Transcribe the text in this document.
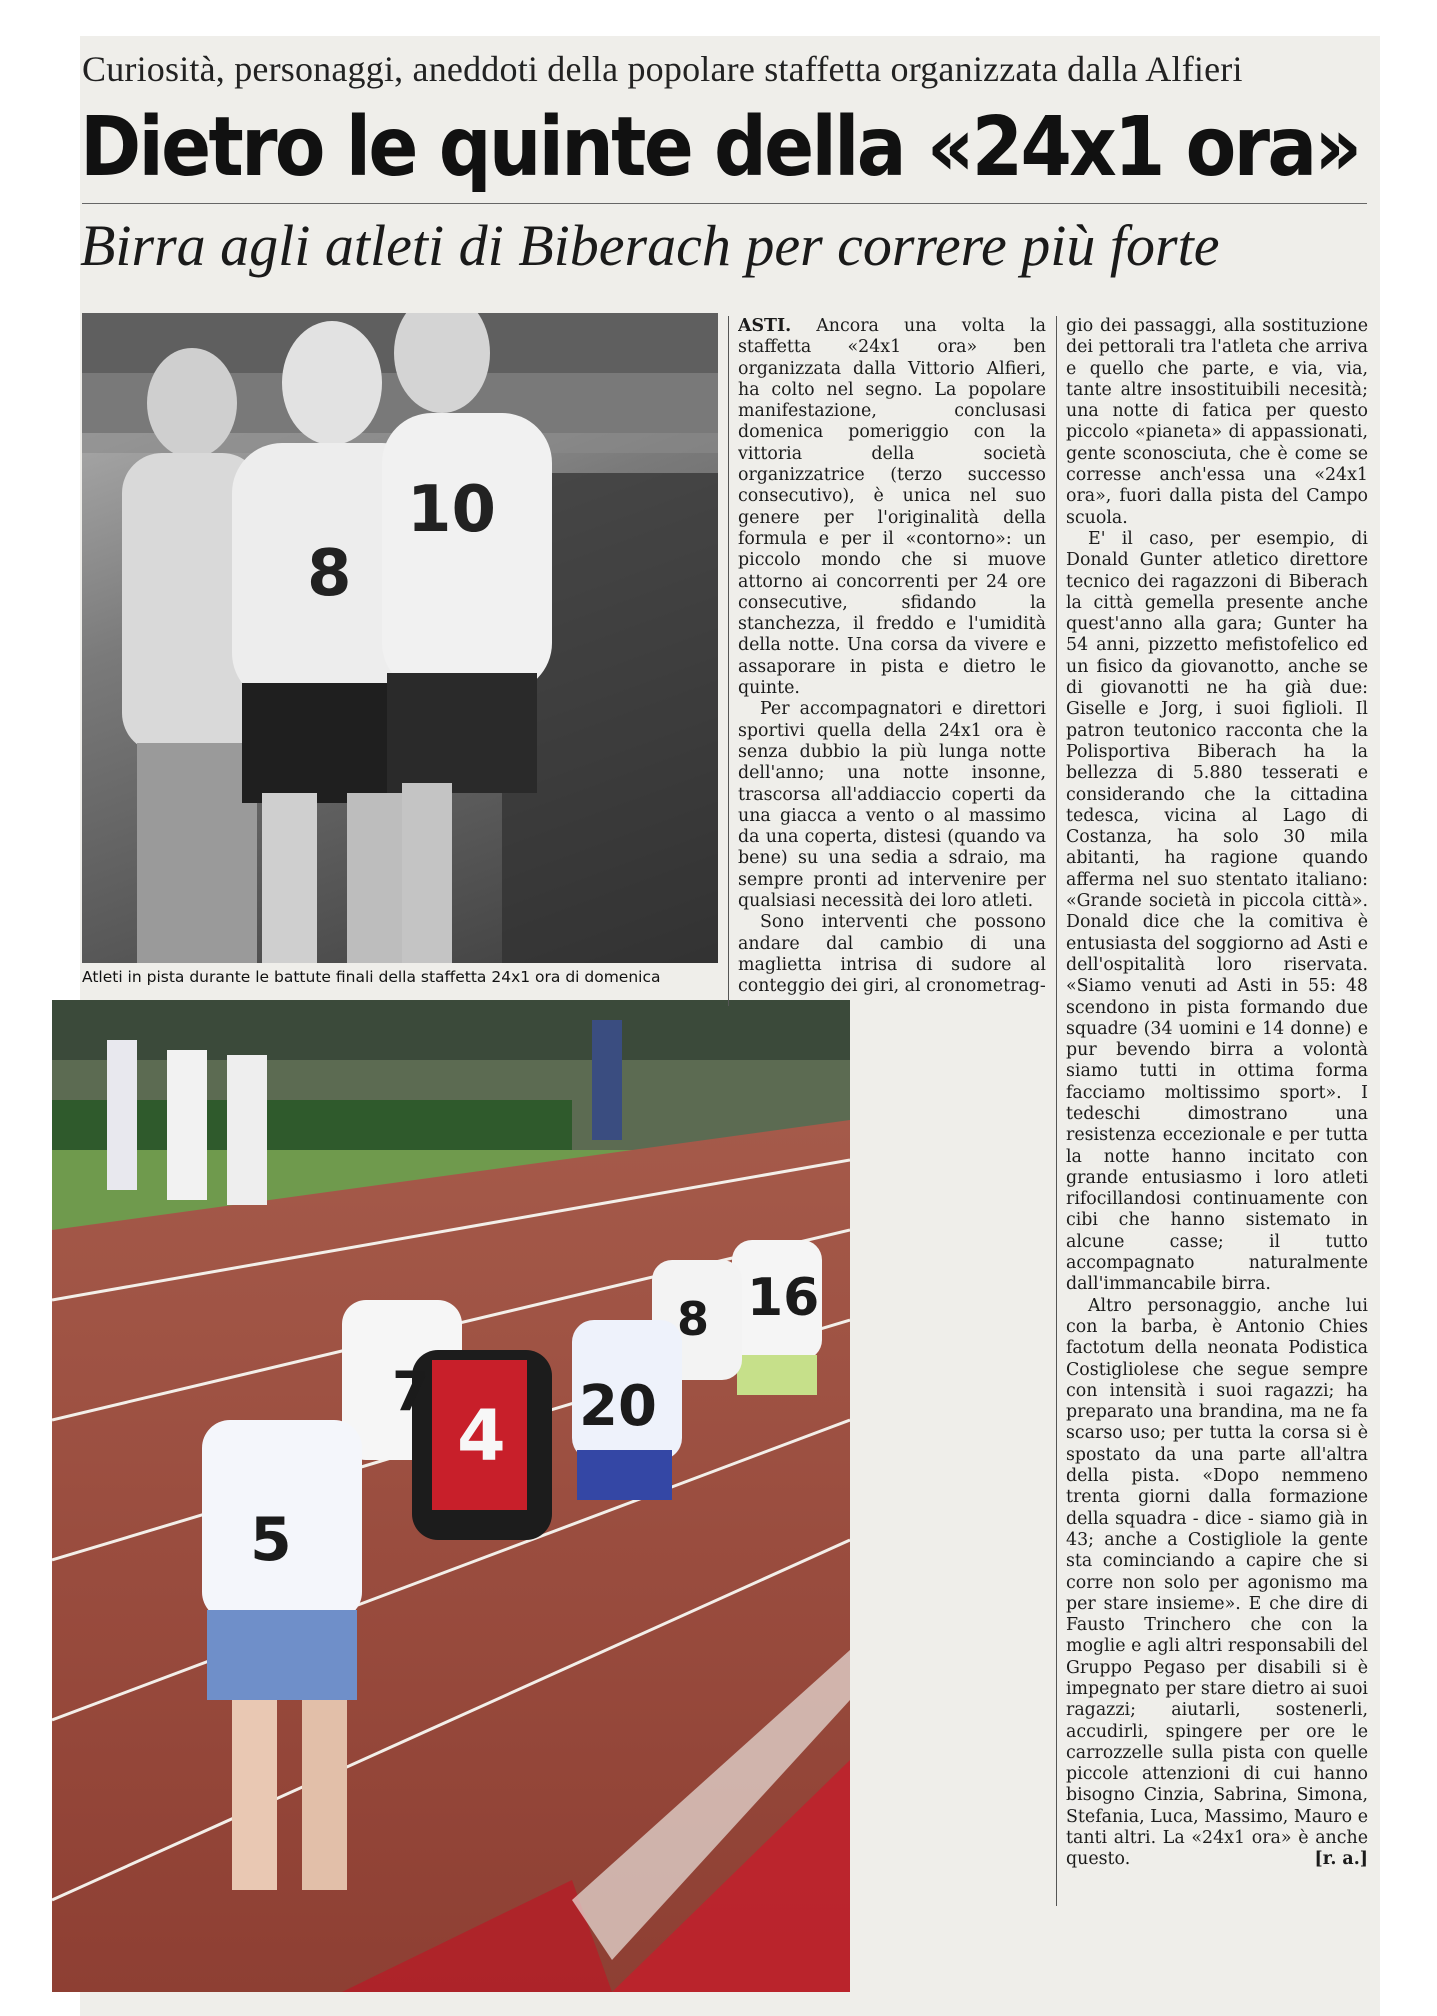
Curiosità, personaggi, aneddoti della popolare staffetta organizzata dalla Alfieri
Dietro le quinte della «24x1 ora»
Birra agli atleti di Biberach per correre più forte
8
10
Atleti in pista durante le battute finali della staffetta 24x1 ora di domenica
5
4
7	20
8 16

ASTI. Ancora una volta la staffetta «24x1 ora» ben organizzata dalla Vittorio Alfieri, ha colto nel segno. La popolare manifestazione, conclusasi domenica pomeriggio con la vittoria della società organizzatrice (terzo successo consecutivo), è unica nel suo genere per l'originalità della formula e per il «contorno»: un piccolo mondo che si muove attorno ai concorrenti per 24 ore consecutive, sfidando la stanchezza, il freddo e l'umidità della notte. Una corsa da vivere e assaporare in pista e dietro le quinte.

Per accompagnatori e direttori sportivi quella della 24x1 ora è senza dubbio la più lunga notte dell'anno; una notte insonne, trascorsa all'addiaccio coperti da una giacca a vento o al massimo da una coperta, distesi (quando va bene) su una sedia a sdraio, ma sempre pronti ad intervenire per qualsiasi necessità dei loro atleti.

Sono interventi che possono andare dal cambio di una maglietta intrisa di sudore al conteggio dei giri, al cronometrag-

gio dei passaggi, alla sostituzione dei pettorali tra l'atleta che arriva e quello che parte, e via, via, tante altre insostituibili necesità; una notte di fatica per questo piccolo «pianeta» di appassionati, gente sconosciuta, che è come se corresse anch'essa una «24x1 ora», fuori dalla pista del Campo scuola.

E' il caso, per esempio, di Donald Gunter atletico direttore tecnico dei ragazzoni di Biberach la città gemella presente anche quest'anno alla gara; Gunter ha 54 anni, pizzetto mefistofelico ed un fisico da giovanotto, anche se di giovanotti ne ha già due: Giselle e Jorg, i suoi figlioli. Il patron teutonico racconta che la Polisportiva Biberach ha la bellezza di 5.880 tesserati e considerando che la cittadina tedesca, vicina al Lago di Costanza, ha solo 30 mila abitanti, ha ragione quando afferma nel suo stentato italiano: «Grande società in piccola città». Donald dice che la comitiva è entusiasta del soggiorno ad Asti e dell'ospitalità loro riservata. «Siamo venuti ad Asti in 55: 48 scendono in pista formando due squadre (34 uomini e 14 donne) e pur bevendo birra a volontà siamo tutti in ottima forma facciamo moltissimo sport». I tedeschi dimostrano una resistenza eccezionale e per tutta la notte hanno incitato con grande entusiasmo i loro atleti rifocillandosi continuamente con cibi che hanno sistemato in alcune casse; il tutto accompagnato naturalmente dall'immancabile birra.

Altro personaggio, anche lui con la barba, è Antonio Chies factotum della neonata Podistica Costigliolese che segue sempre con intensità i suoi ragazzi; ha preparato una brandina, ma ne fa scarso uso; per tutta la corsa si è spostato da una parte all'altra della pista. «Dopo nemmeno trenta giorni dalla formazione della squadra - dice - siamo già in 43; anche a Costigliole la gente sta cominciando a capire che si corre non solo per agonismo ma per stare insieme». E che dire di Fausto Trinchero che con la moglie e agli altri responsabili del Gruppo Pegaso per disabili si è impegnato per stare dietro ai suoi ragazzi; aiutarli, sostenerli, accudirli, spingere per ore le carrozzelle sulla pista con quelle piccole attenzioni di cui hanno bisogno Cinzia, Sabrina, Simona, Stefania, Luca, Massimo, Mauro e tanti altri. La «24x1 ora» è anche questo.	[r. a.]
